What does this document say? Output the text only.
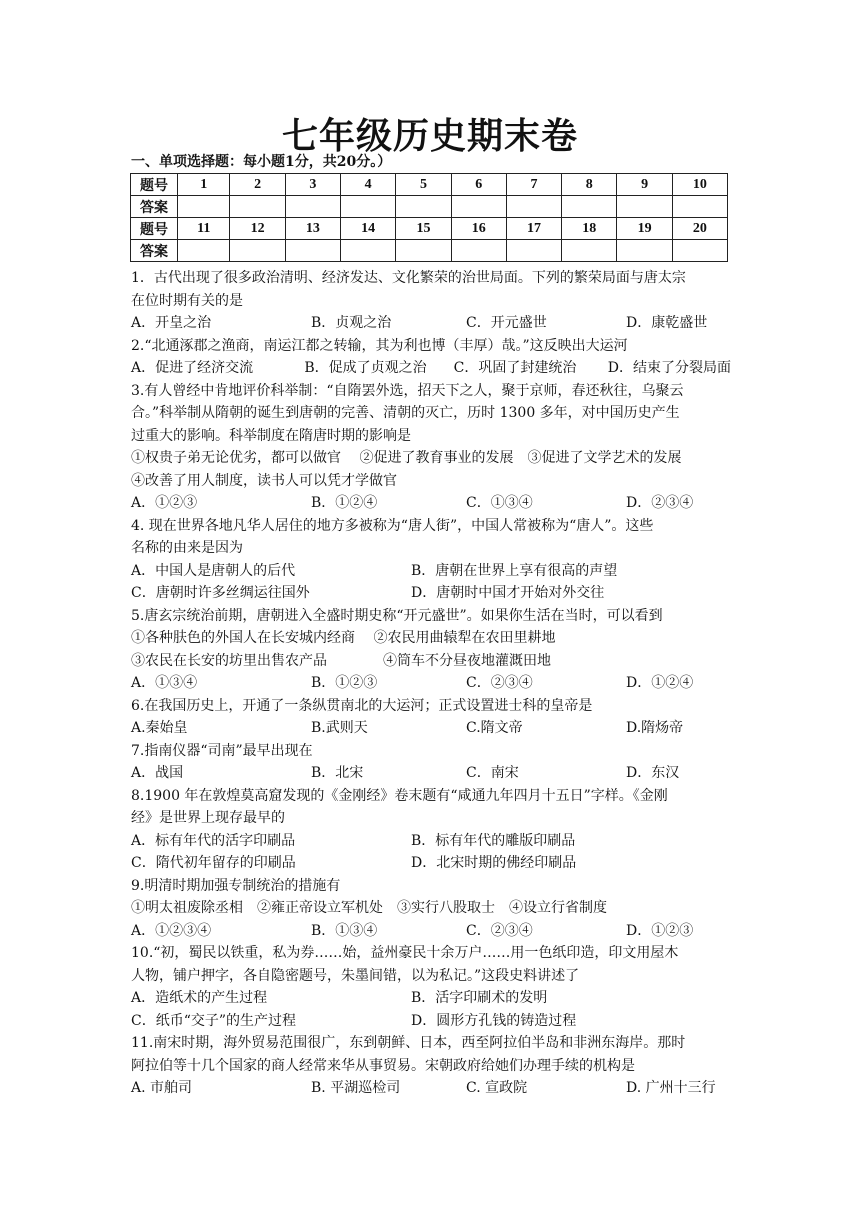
七年级历史期末卷
一、单项选择题：每小题1分，共20分。）
题号	1	2	3	4	5	6	7	8	9	10
答案										
题号	11	12	13	14	15	16	17	18	19	20
答案										
1．古代出现了很多政治清明、经济发达、文化繁荣的治世局面。下列的繁荣局面与唐太宗
在位时期有关的是
A．开皇之治	B．贞观之治	C．开元盛世	D．康乾盛世
2.“北通涿郡之渔商，南运江都之转输，其为利也博（丰厚）哉。”这反映出大运河
A．促进了经济交流	B．促成了贞观之治	C．巩固了封建统治	D．结束了分裂局面
3.有人曾经中肯地评价科举制：“自隋罢外选，招天下之人，聚于京师，春还秋往，乌聚云
合。”科举制从隋朝的诞生到唐朝的完善、清朝的灭亡，历时 1300 多年，对中国历史产生
过重大的影响。科举制度在隋唐时期的影响是
①权贵子弟无论优劣，都可以做官　 ②促进了教育事业的发展　③促进了文学艺术的发展
④改善了用人制度，读书人可以凭才学做官
A．①②③	B．①②④	C．①③④	D．②③④
4. 现在世界各地凡华人居住的地方多被称为“唐人街”，中国人常被称为“唐人”。这些
名称的由来是因为
A．中国人是唐朝人的后代	B．唐朝在世界上享有很高的声望
C．唐朝时许多丝绸运往国外	D．唐朝时中国才开始对外交往
5.唐玄宗统治前期，唐朝进入全盛时期史称“开元盛世”。如果你生活在当时，可以看到
①各种肤色的外国人在长安城内经商　 ②农民用曲辕犁在农田里耕地
③农民在长安的坊里出售农产品　　　　④筒车不分昼夜地灌溉田地
A．①③④	B．①②③	C．②③④	D．①②④
6.在我国历史上，开通了一条纵贯南北的大运河；正式设置进士科的皇帝是
A.秦始皇	B.武则天	C.隋文帝	D.隋炀帝
7.指南仪器“司南”最早出现在
A．战国	B．北宋	C．南宋	D．东汉
8.1900 年在敦煌莫高窟发现的《金刚经》卷末题有“咸通九年四月十五日”字样。《金刚
经》是世界上现存最早的
A．标有年代的活字印刷品	B．标有年代的雕版印刷品
C．隋代初年留存的印刷品	D．北宋时期的佛经印刷品
9.明清时期加强专制统治的措施有
①明太祖废除丞相　②雍正帝设立军机处　③实行八股取士　④设立行省制度
A．①②③④	B．①③④	C．②③④	D．①②③
10.“初，蜀民以铁重，私为券……始，益州豪民十余万户……用一色纸印造，印文用屋木
人物，铺户押字，各自隐密题号，朱墨间错，以为私记。”这段史料讲述了
A．造纸术的产生过程	B．活字印刷术的发明
C．纸币“交子”的生产过程	D．圆形方孔钱的铸造过程
11.南宋时期，海外贸易范围很广，东到朝鲜、日本，西至阿拉伯半岛和非洲东海岸。那时
阿拉伯等十几个国家的商人经常来华从事贸易。宋朝政府给她们办理手续的机构是
A. 市舶司	B. 平湖巡检司	C. 宣政院	D. 广州十三行
